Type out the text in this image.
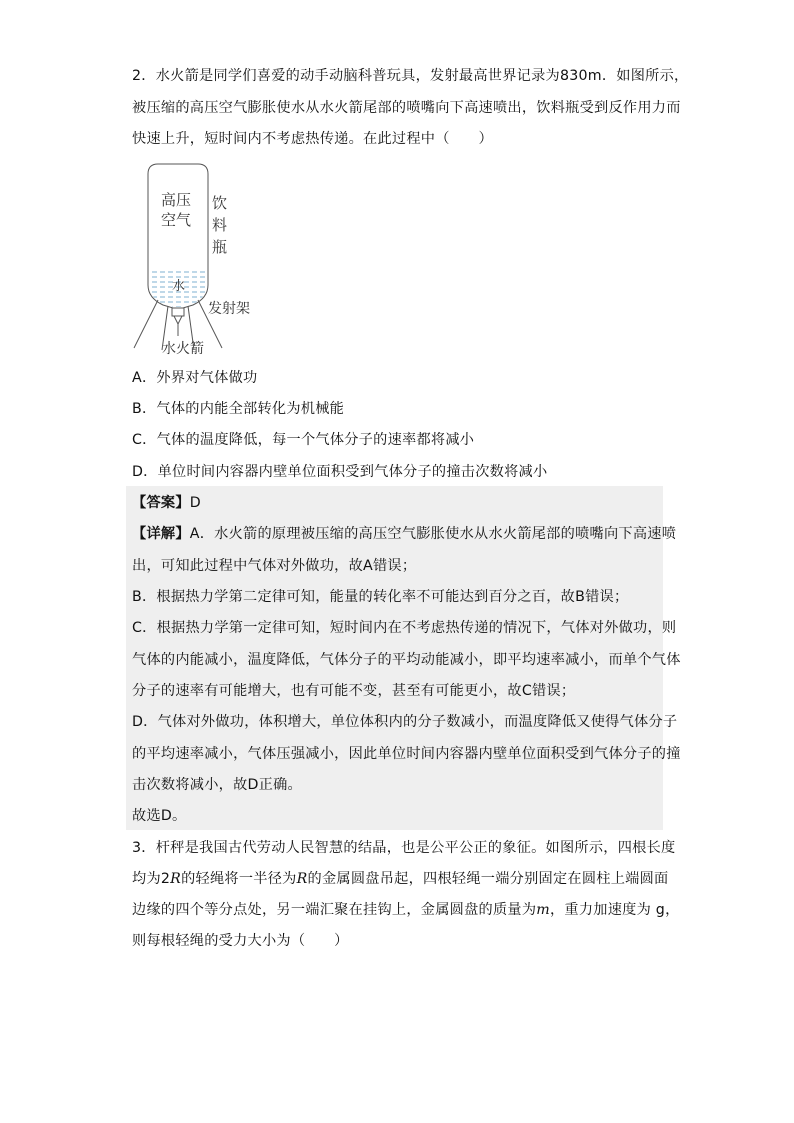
2．水火箭是同学们喜爱的动手动脑科普玩具，发射最高世界记录为830m．如图所示，
被压缩的高压空气膨胀使水从水火箭尾部的喷嘴向下高速喷出，饮料瓶受到反作用力而
快速上升，短时间内不考虑热传递。在此过程中（　　）
高压
空气
饮
料
瓶
水
发射架
水火箭
A．外界对气体做功
B．气体的内能全部转化为机械能
C．气体的温度降低，每一个气体分子的速率都将减小
D．单位时间内容器内壁单位面积受到气体分子的撞击次数将减小
【答案】D
【详解】A．水火箭的原理被压缩的高压空气膨胀使水从水火箭尾部的喷嘴向下高速喷
出，可知此过程中气体对外做功，故A错误；
B．根据热力学第二定律可知，能量的转化率不可能达到百分之百，故B错误；
C．根据热力学第一定律可知，短时间内在不考虑热传递的情况下，气体对外做功，则
气体的内能减小，温度降低，气体分子的平均动能减小，即平均速率减小，而单个气体
分子的速率有可能增大，也有可能不变，甚至有可能更小，故C错误；
D．气体对外做功，体积增大，单位体积内的分子数减小，而温度降低又使得气体分子
的平均速率减小，气体压强减小，因此单位时间内容器内壁单位面积受到气体分子的撞
击次数将减小，故D正确。
故选D。
3．杆秤是我国古代劳动人民智慧的结晶，也是公平公正的象征。如图所示，四根长度
均为2R的轻绳将一半径为R的金属圆盘吊起，四根轻绳一端分别固定在圆柱上端圆面
边缘的四个等分点处，另一端汇聚在挂钩上，金属圆盘的质量为m，重力加速度为 g，
则每根轻绳的受力大小为（　　）
